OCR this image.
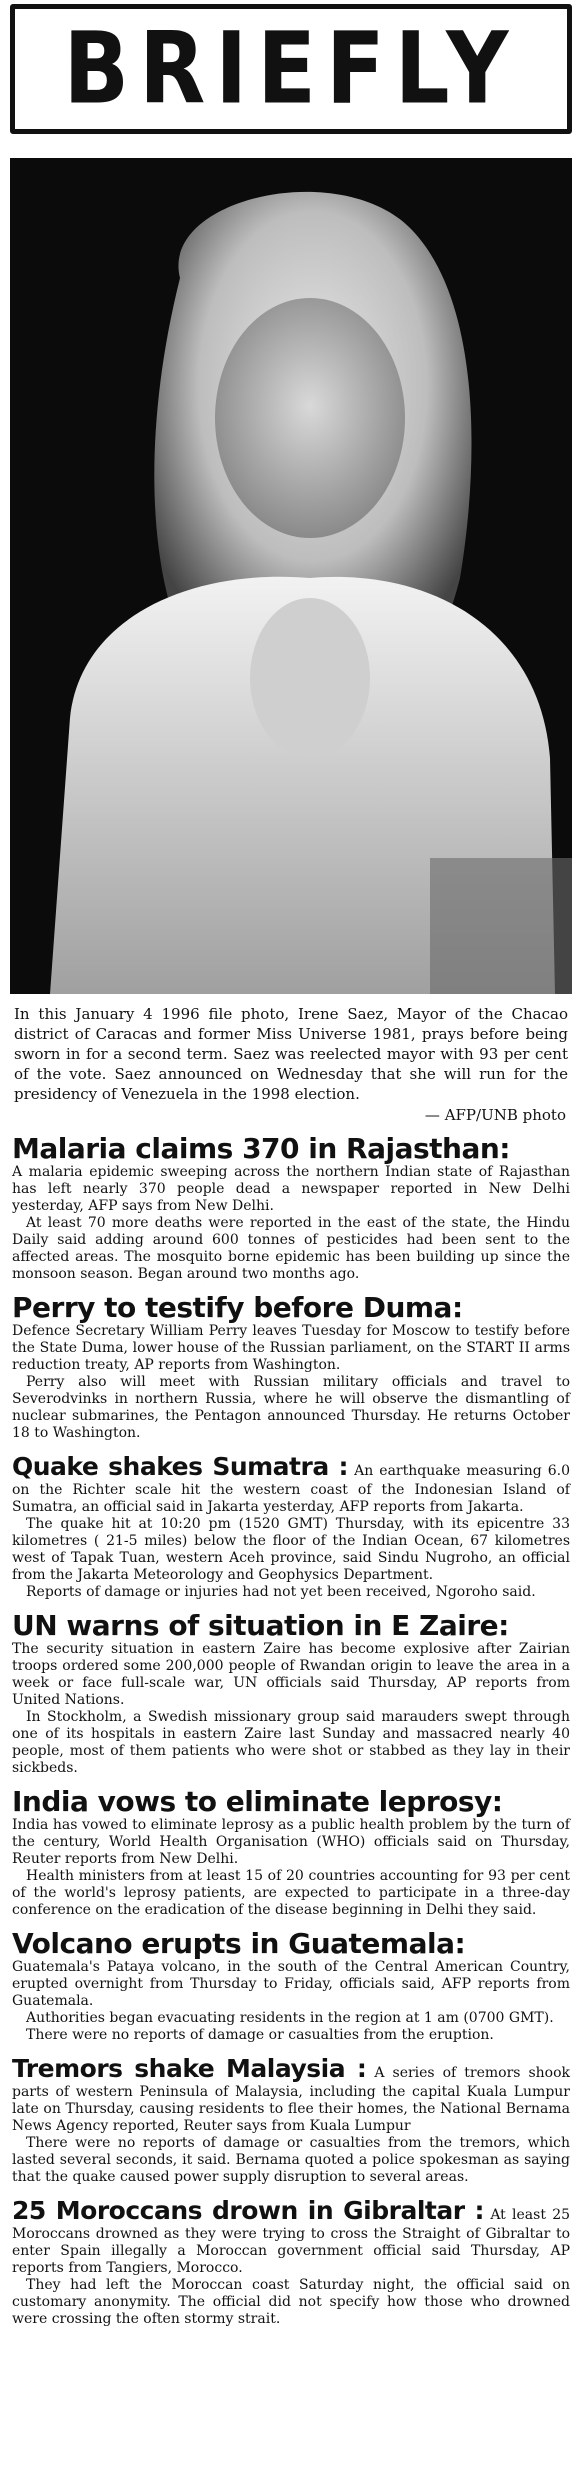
BRIEFLY
In this January 4 1996 file photo, Irene Saez, Mayor of the Chacao district of Caracas and former Miss Universe 1981, prays before being sworn in for a second term. Saez was reelected mayor with 93 per cent of the vote. Saez announced on Wednesday that she will run for the presidency of Venezuela in the 1998 election.
— AFP/UNB photo
Malaria claims 370 in Rajasthan:

A malaria epidemic sweeping across the northern Indian state of Rajasthan has left nearly 370 people dead a newspaper reported in New Delhi yesterday, AFP says from New Delhi.

At least 70 more deaths were reported in the east of the state, the Hindu Daily said adding around 600 tonnes of pesticides had been sent to the affected areas. The mosquito borne epidemic has been building up since the monsoon season. Began around two months ago.

Perry to testify before Duma:

Defence Secretary William Perry leaves Tuesday for Moscow to testify before the State Duma, lower house of the Russian parliament, on the START II arms reduction treaty, AP reports from Washington.

Perry also will meet with Russian military officials and travel to Severodvinks in northern Russia, where he will observe the dismantling of nuclear submarines, the Pentagon announced Thursday. He returns October 18 to Washington.

Quake shakes Sumatra : An earthquake measuring 6.0 on the Richter scale hit the western coast of the Indonesian Island of Sumatra, an official said in Jakarta yesterday, AFP reports from Jakarta.

The quake hit at 10:20 pm (1520 GMT) Thursday, with its epicentre 33 kilometres ( 21-5 miles) below the floor of the Indian Ocean, 67 kilometres west of Tapak Tuan, western Aceh province, said Sindu Nugroho, an official from the Jakarta Meteorology and Geophysics Department.

Reports of damage or injuries had not yet been received, Ngoroho said.

UN warns of situation in E Zaire:

The security situation in eastern Zaire has become explosive after Zairian troops ordered some 200,000 people of Rwandan origin to leave the area in a week or face full-scale war, UN officials said Thursday, AP reports from United Nations.

In Stockholm, a Swedish missionary group said marauders swept through one of its hospitals in eastern Zaire last Sunday and massacred nearly 40 people, most of them patients who were shot or stabbed as they lay in their sickbeds.

India vows to eliminate leprosy:

India has vowed to eliminate leprosy as a public health problem by the turn of the century, World Health Organisation (WHO) officials said on Thursday, Reuter reports from New Delhi.

Health ministers from at least 15 of 20 countries accounting for 93 per cent of the world's leprosy patients, are expected to participate in a three-day conference on the eradication of the disease beginning in Delhi they said.

Volcano erupts in Guatemala:

Guatemala's Pataya volcano, in the south of the Central American Country, erupted overnight from Thursday to Friday, officials said, AFP reports from Guatemala.

Authorities began evacuating residents in the region at 1 am (0700 GMT).

There were no reports of damage or casualties from the eruption.

Tremors shake Malaysia : A series of tremors shook parts of western Peninsula of Malaysia, including the capital Kuala Lumpur late on Thursday, causing residents to flee their homes, the National Bernama News Agency reported, Reuter says from Kuala Lumpur

There were no reports of damage or casualties from the tremors, which lasted several seconds, it said. Bernama quoted a police spokesman as saying that the quake caused power supply disruption to several areas.

25 Moroccans drown in Gibraltar : At least 25 Moroccans drowned as they were trying to cross the Straight of Gibraltar to enter Spain illegally a Moroccan government official said Thursday, AP reports from Tangiers, Morocco.

They had left the Moroccan coast Saturday night, the official said on customary anonymity. The official did not specify how those who drowned were crossing the often stormy strait.
